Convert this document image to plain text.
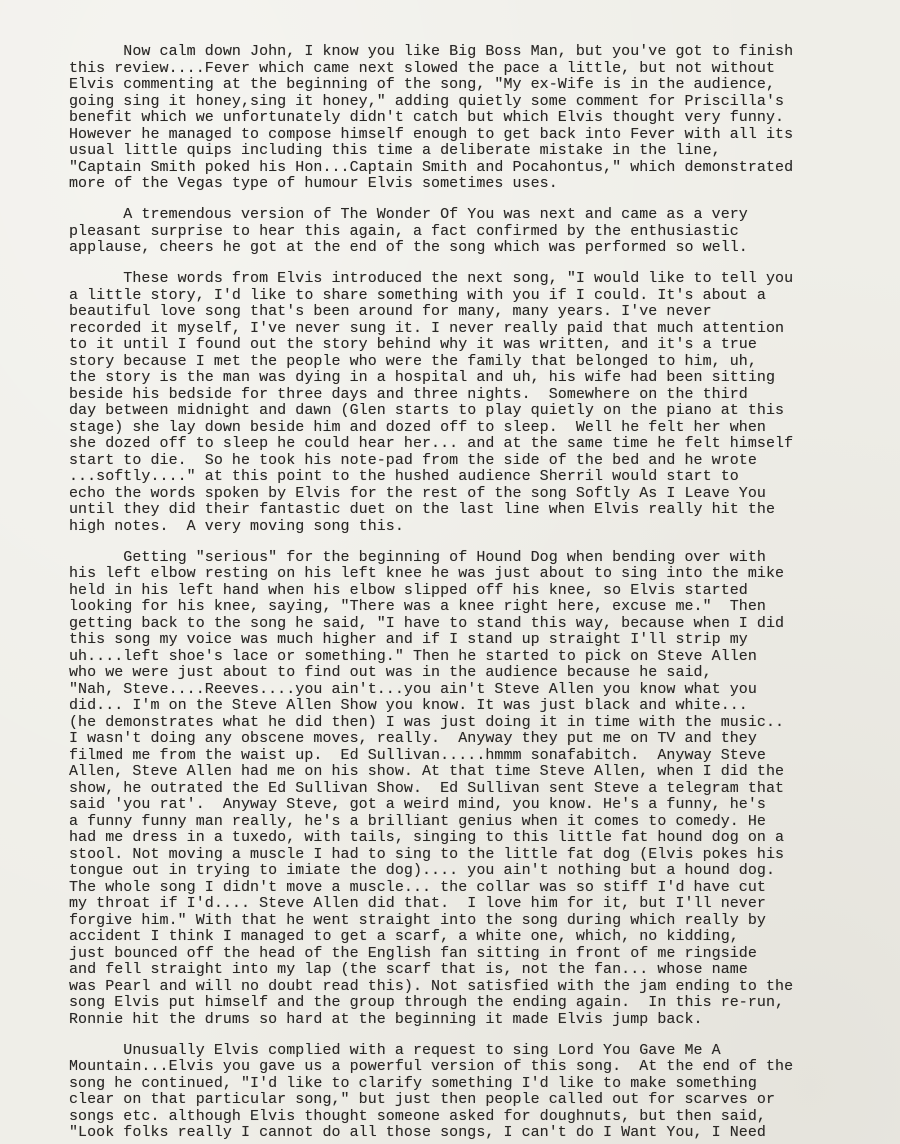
Now calm down John, I know you like Big Boss Man, but you've got to finish
this review....Fever which came next slowed the pace a little, but not without
Elvis commenting at the beginning of the song, "My ex-Wife is in the audience,
going sing it honey,sing it honey," adding quietly some comment for Priscilla's
benefit which we unfortunately didn't catch but which Elvis thought very funny.
However he managed to compose himself enough to get back into Fever with all its
usual little quips including this time a deliberate mistake in the line,
"Captain Smith poked his Hon...Captain Smith and Pocahontus," which demonstrated
more of the Vegas type of humour Elvis sometimes uses.

A tremendous version of The Wonder Of You was next and came as a very
pleasant surprise to hear this again, a fact confirmed by the enthusiastic
applause, cheers he got at the end of the song which was performed so well.

These words from Elvis introduced the next song, "I would like to tell you
a little story, I'd like to share something with you if I could. It's about a
beautiful love song that's been around for many, many years. I've never
recorded it myself, I've never sung it. I never really paid that much attention
to it until I found out the story behind why it was written, and it's a true
story because I met the people who were the family that belonged to him, uh,
the story is the man was dying in a hospital and uh, his wife had been sitting
beside his bedside for three days and three nights.  Somewhere on the third
day between midnight and dawn (Glen starts to play quietly on the piano at this
stage) she lay down beside him and dozed off to sleep.  Well he felt her when
she dozed off to sleep he could hear her... and at the same time he felt himself
start to die.  So he took his note-pad from the side of the bed and he wrote
...softly...." at this point to the hushed audience Sherril would start to
echo the words spoken by Elvis for the rest of the song Softly As I Leave You
until they did their fantastic duet on the last line when Elvis really hit the
high notes.  A very moving song this.

Getting "serious" for the beginning of Hound Dog when bending over with
his left elbow resting on his left knee he was just about to sing into the mike
held in his left hand when his elbow slipped off his knee, so Elvis started
looking for his knee, saying, "There was a knee right here, excuse me."  Then
getting back to the song he said, "I have to stand this way, because when I did
this song my voice was much higher and if I stand up straight I'll strip my
uh....left shoe's lace or something." Then he started to pick on Steve Allen
who we were just about to find out was in the audience because he said,
"Nah, Steve....Reeves....you ain't...you ain't Steve Allen you know what you
did... I'm on the Steve Allen Show you know. It was just black and white...
(he demonstrates what he did then) I was just doing it in time with the music..
I wasn't doing any obscene moves, really.  Anyway they put me on TV and they
filmed me from the waist up.  Ed Sullivan.....hmmm sonafabitch.  Anyway Steve
Allen, Steve Allen had me on his show. At that time Steve Allen, when I did the
show, he outrated the Ed Sullivan Show.  Ed Sullivan sent Steve a telegram that
said 'you rat'.  Anyway Steve, got a weird mind, you know. He's a funny, he's
a funny funny man really, he's a brilliant genius when it comes to comedy. He
had me dress in a tuxedo, with tails, singing to this little fat hound dog on a
stool. Not moving a muscle I had to sing to the little fat dog (Elvis pokes his
tongue out in trying to imiate the dog).... you ain't nothing but a hound dog.
The whole song I didn't move a muscle... the collar was so stiff I'd have cut
my throat if I'd.... Steve Allen did that.  I love him for it, but I'll never
forgive him." With that he went straight into the song during which really by
accident I think I managed to get a scarf, a white one, which, no kidding,
just bounced off the head of the English fan sitting in front of me ringside
and fell straight into my lap (the scarf that is, not the fan... whose name
was Pearl and will no doubt read this). Not satisfied with the jam ending to the
song Elvis put himself and the group through the ending again.  In this re-run,
Ronnie hit the drums so hard at the beginning it made Elvis jump back.

Unusually Elvis complied with a request to sing Lord You Gave Me A
Mountain...Elvis you gave us a powerful version of this song.  At the end of the
song he continued, "I'd like to clarify something I'd like to make something
clear on that particular song," but just then people called out for scarves or
songs etc. although Elvis thought someone asked for doughnuts, but then said,
"Look folks really I cannot do all those songs, I can't do I Want You, I Need
